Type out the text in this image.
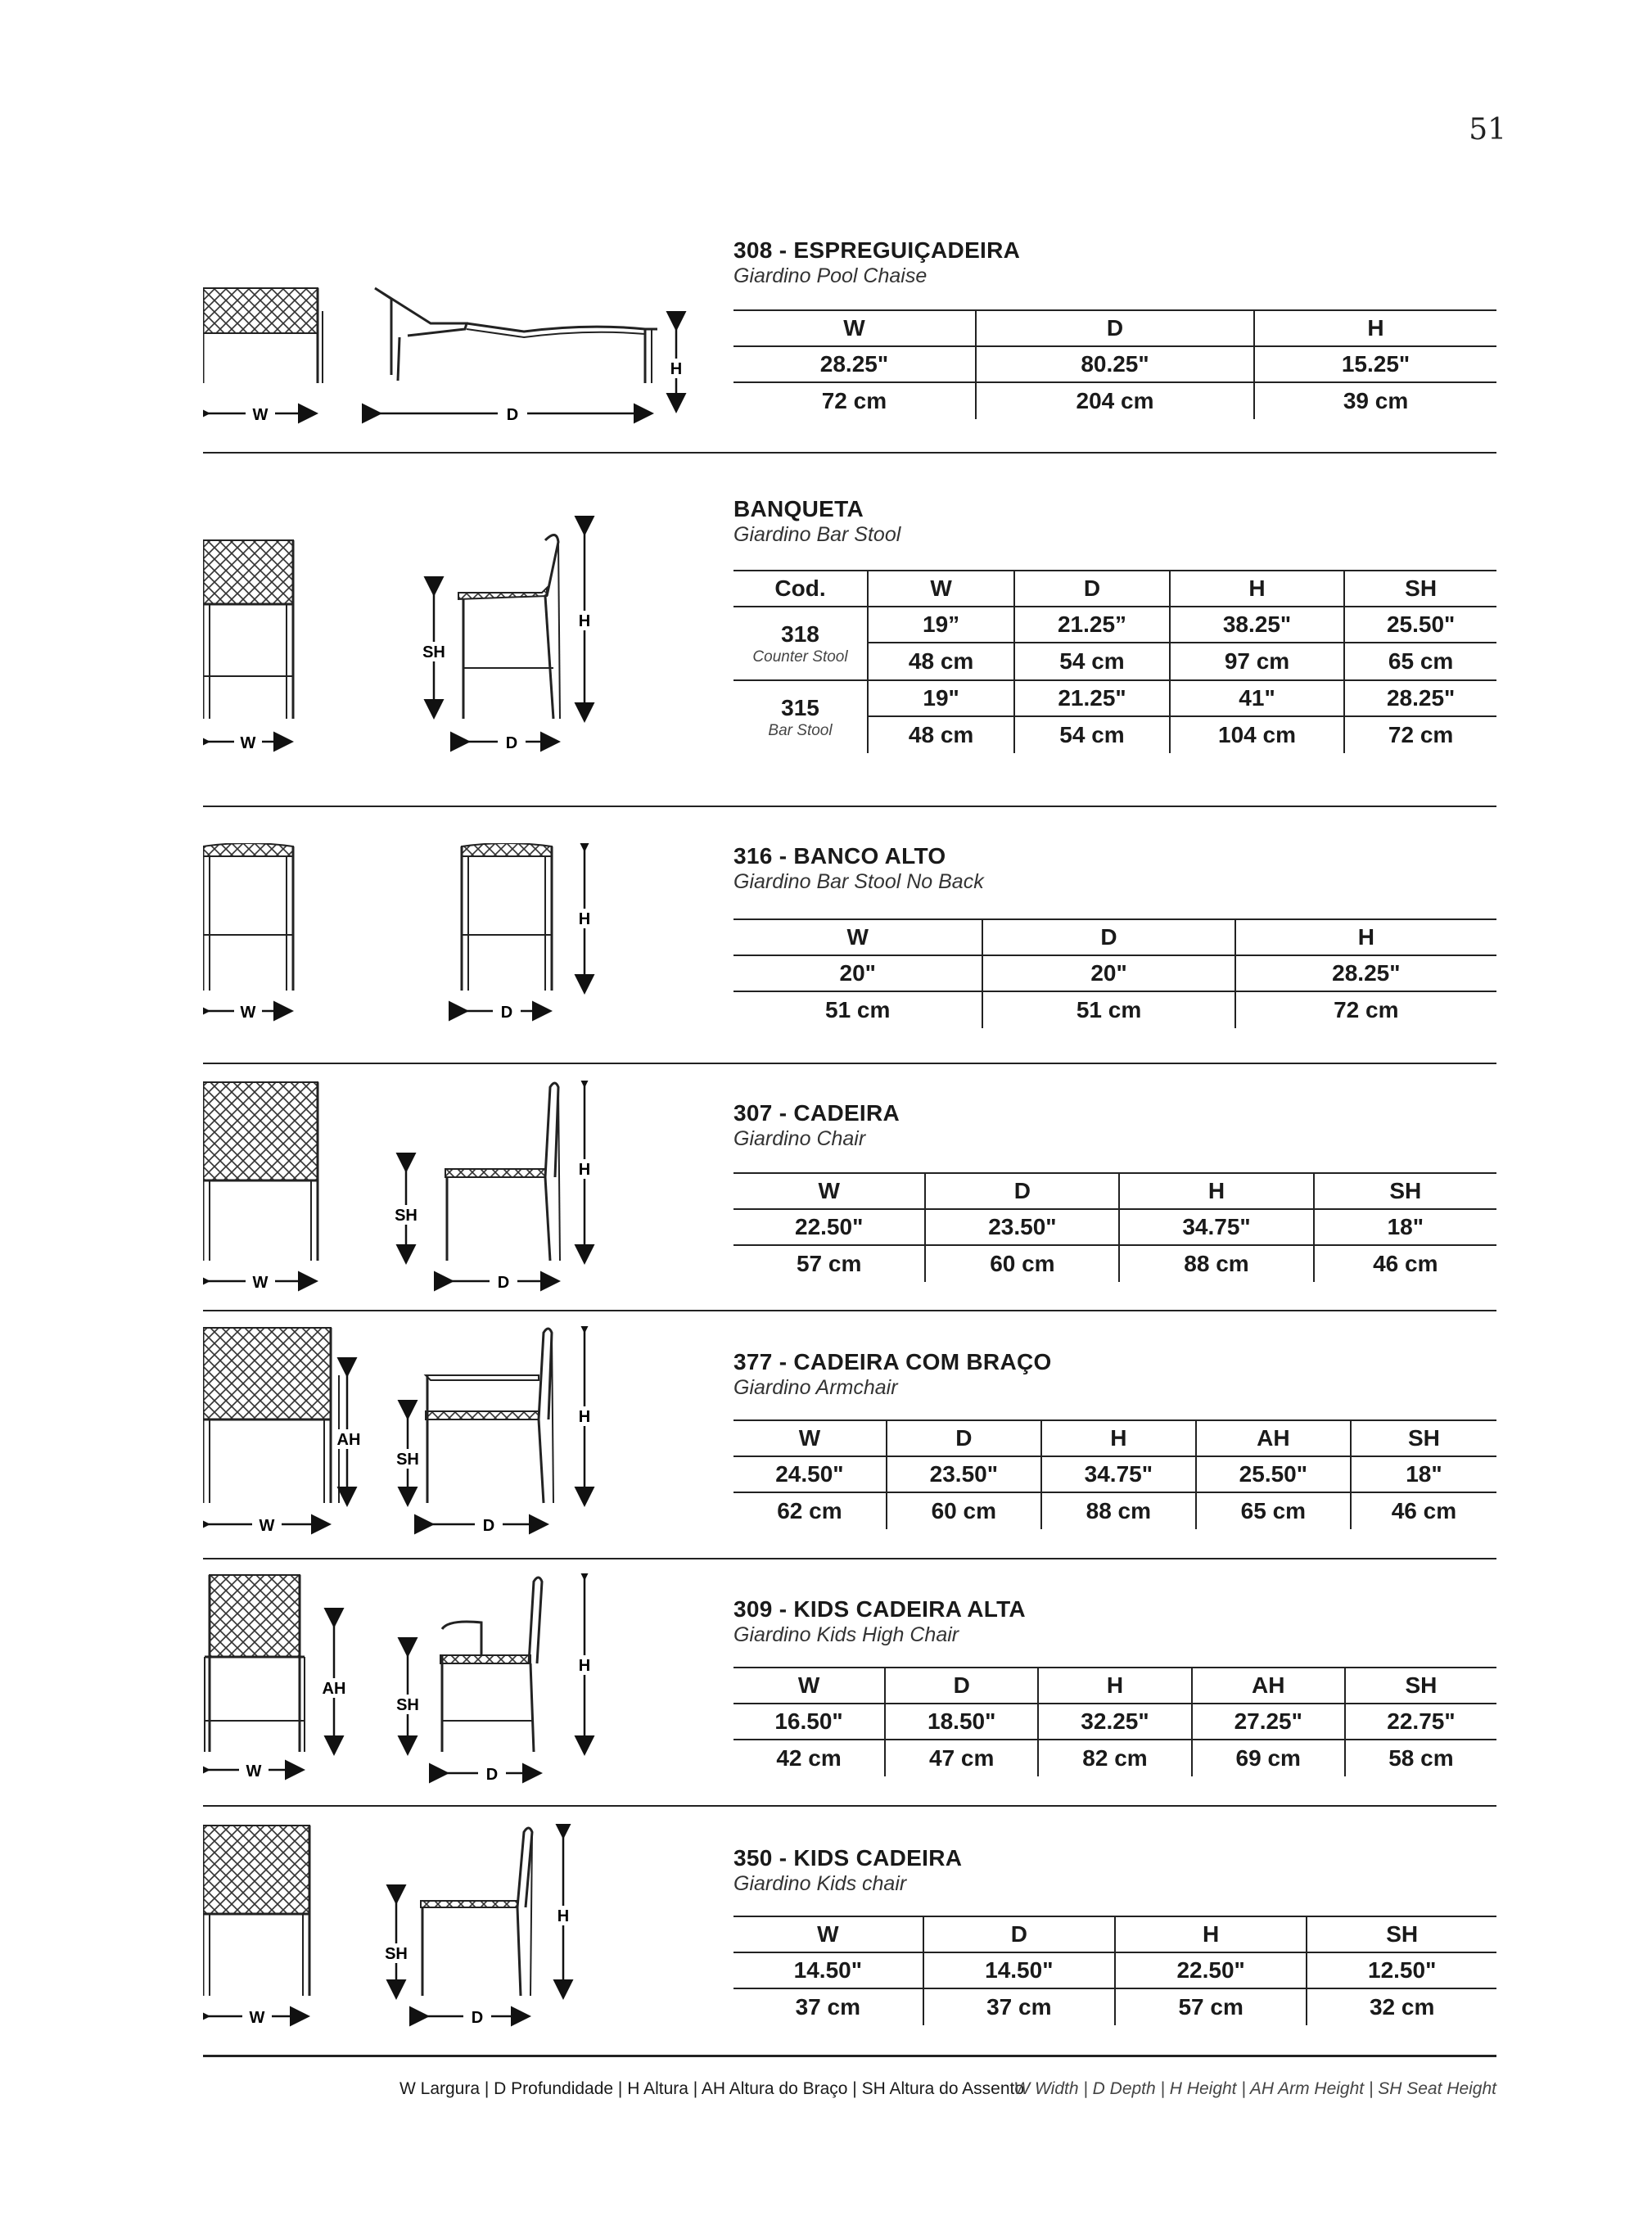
51
W	D
H
308 - ESPREGUIÇADEIRA
Giardino Pool Chaise
W	D	H
28.25"	80.25"	15.25"
72 cm	204 cm	39 cm
W
SH
D
H
BANQUETA
Giardino Bar Stool
Cod.	W	D	H	SH

318
Counter Stool	19”	21.25”	38.25"	25.50"
	48 cm	54 cm	97 cm	65 cm

315
Bar Stool	19"	21.25"	41"	28.25"
	48 cm	54 cm	104 cm	72 cm
W	D
H
316 - BANCO ALTO
Giardino Bar Stool No Back
W	D	H
20"	20"	28.25"
51 cm	51 cm	72 cm
W
SH
D
H
307 - CADEIRA
Giardino Chair
W	D	H	SH
22.50"	23.50"	34.75"	18"
57 cm	60 cm	88 cm	46 cm
W
AH
SH
D
H
377 - CADEIRA COM BRAÇO
Giardino Armchair
W	D	H	AH	SH
24.50"	23.50"	34.75"	25.50"	18"
62 cm	60 cm	88 cm	65 cm	46 cm
W
AH
SH
D
H
309 - KIDS CADEIRA ALTA
Giardino Kids High Chair
W	D	H	AH	SH
16.50"	18.50"	32.25"	27.25"	22.75"
42 cm	47 cm	82 cm	69 cm	58 cm
W
SH
D
H
350 - KIDS CADEIRA
Giardino Kids chair
W	D	H	SH
14.50"	14.50"	22.50"	12.50"
37 cm	37 cm	57 cm	32 cm
W Largura | D Profundidade | H Altura | AH Altura do Braço | SH Altura do Assento
W Width | D Depth | H Height | AH Arm Height | SH Seat Height
